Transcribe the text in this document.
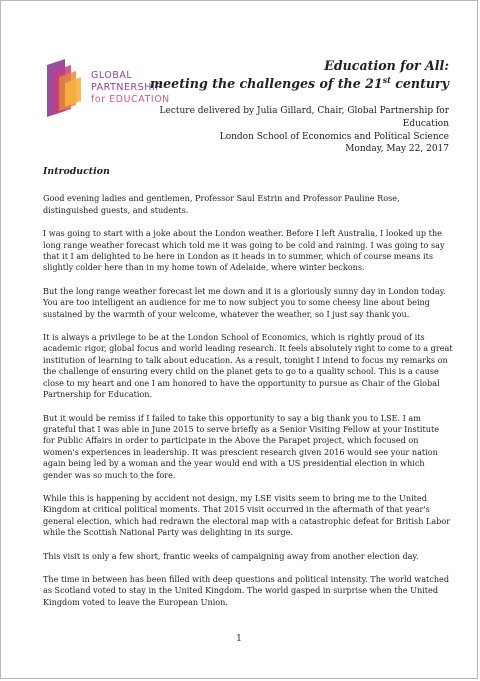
GLOBAL
PARTNERSHIP
for EDUCATION
Education for All:
meeting the challenges of the 21st century
Lecture delivered by Julia Gillard, Chair, Global Partnership for
Education
London School of Economics and Political Science
Monday, May 22, 2017
Introduction

Good evening ladies and gentlemen, Professor Saul Estrin and Professor Pauline Rose, distinguished guests, and students.

I was going to start with a joke about the London weather. Before I left Australia, I looked up the long range weather forecast which told me it was going to be cold and raining. I was going to say that it I am delighted to be here in London as it heads in to summer, which of course means its slightly colder here than in my home town of Adelaide, where winter beckons.

But the long range weather forecast let me down and it is a gloriously sunny day in London today. You are too intelligent an audience for me to now subject you to some cheesy line about being sustained by the warmth of your welcome, whatever the weather, so I just say thank you.

It is always a privilege to be at the London School of Economics, which is rightly proud of its academic rigor, global focus and world leading research. It feels absolutely right to come to a great institution of learning to talk about education. As a result, tonight I intend to focus my remarks on the challenge of ensuring every child on the planet gets to go to a quality school. This is a cause close to my heart and one I am honored to have the opportunity to pursue as Chair of the Global Partnership for Education.

But it would be remiss if I failed to take this opportunity to say a big thank you to LSE. I am grateful that I was able in June 2015 to serve briefly as a Senior Visiting Fellow at your Institute for Public Affairs in order to participate in the Above the Parapet project, which focused on women's experiences in leadership. It was prescient research given 2016 would see your nation again being led by a woman and the year would end with a US presidential election in which gender was so much to the fore.

While this is happening by accident not design, my LSE visits seem to bring me to the United Kingdom at critical political moments. That 2015 visit occurred in the aftermath of that year's general election, which had redrawn the electoral map with a catastrophic defeat for British Labor while the Scottish National Party was delighting in its surge.

This visit is only a few short, frantic weeks of campaigning away from another election day.

The time in between has been filled with deep questions and political intensity. The world watched as Scotland voted to stay in the United Kingdom. The world gasped in surprise when the United Kingdom voted to leave the European Union.

1
